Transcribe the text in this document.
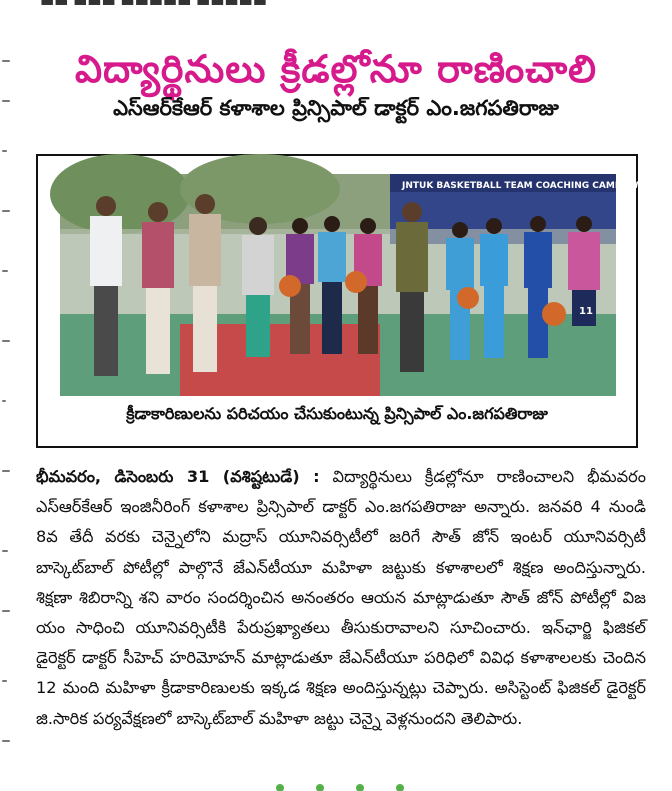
▬▬ ▬▬▬ ▬▬▬▬▬ ▬▬▬▬▬
విద్యార్థినులు క్రీడల్లోనూ రాణించాలి
ఎస్ఆర్‌కేఆర్ కళాశాల ప్రిన్సిపాల్ డాక్టర్ ఎం.జగపతిరాజు
JNTUK BASKETBALL TEAM COACHING CAMP (W)
11
క్రీడాకారిణులను పరిచయం చేసుకుంటున్న ప్రిన్సిపాల్ ఎం.జగపతిరాజు
భీమవరం, డిసెంబరు 31 (వశిష్టటుడే) : విద్యార్థినులు క్రీడల్లోనూ రాణించాలని భీమవరం ఎస్ఆర్‌కేఆర్ ఇంజినీరింగ్ కళాశాల ప్రిన్సిపాల్ డాక్టర్ ఎం.జగపతిరాజు అన్నారు. జనవరి 4 నుండి 8వ తేదీ వరకు చెన్నైలోని మద్రాస్ యూనివర్సిటీలో జరిగే సౌత్ జోన్ ఇంటర్ యూనివర్సిటీ బాస్కెట్‌బాల్ పోటీల్లో పాల్గొనే జేఎన్‌టీయూ మహిళా జట్టుకు కళాశాలలో శిక్షణ అందిస్తున్నారు. శిక్షణా శిబిరాన్ని శని వారం సందర్శించిన అనంతరం ఆయన మాట్లాడుతూ సౌత్ జోన్ పోటీల్లో విజ యం సాధించి యూనివర్సిటీకి పేరుప్రఖ్యాతలు తీసుకురావాలని సూచించారు. ఇన్‌ఛార్జి ఫిజికల్ డైరెక్టర్ డాక్టర్ సీహెచ్ హరిమోహన్ మాట్లాడుతూ జేఎన్‌టీయూ పరిధిలో వివిధ కళాశాలలకు చెందిన 12 మంది మహిళా క్రీడాకారిణులకు ఇక్కడ శిక్షణ అందిస్తున్నట్లు చెప్పారు. అసిస్టెంట్ ఫిజికల్ డైరెక్టర్ జి.సారిక పర్యవేక్షణలో బాస్కెట్‌బాల్ మహిళా జట్టు చెన్నై వెళ్లనుందని తెలిపారు.
